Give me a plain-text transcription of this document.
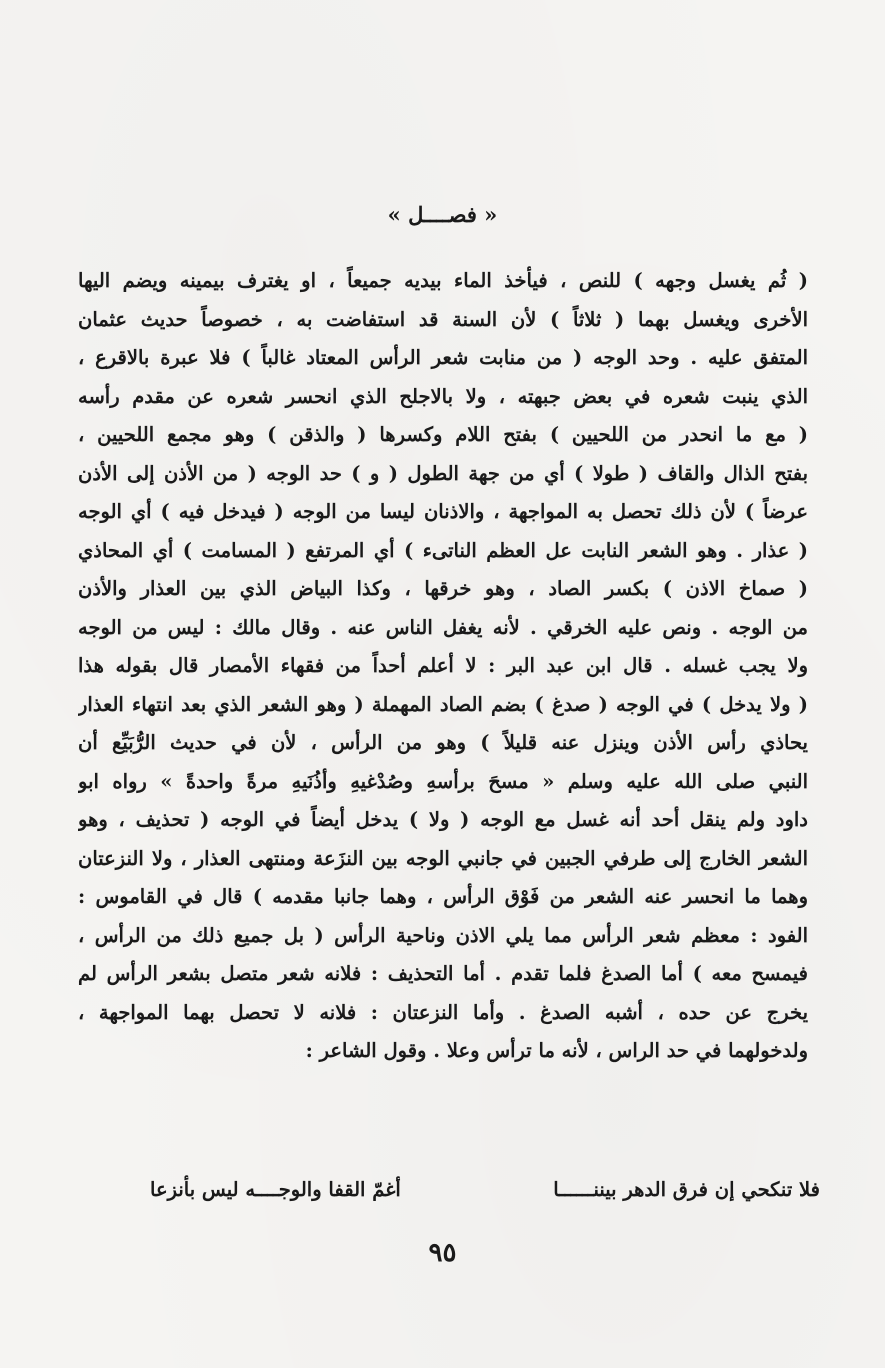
« فصــــل »
( ثُم يغسل وجهه ) للنص ، فيأخذ الماء بيديه جميعاً ، او يغترف بيمينه ويضم اليها
الأخرى ويغسل بهما ( ثلاثاً ) لأن السنة قد استفاضت به ، خصوصاً حديث عثمان
المتفق عليه . وحد الوجه ( من منابت شعر الرأس المعتاد غالباً ) فلا عبرة بالاقرع ،
الذي ينبت شعره في بعض جبهته ، ولا بالاجلح الذي انحسر شعره عن مقدم رأسه
( مع ما انحدر من اللحيين ) بفتح اللام وكسرها ( والذقن ) وهو مجمع اللحيين ،
بفتح الذال والقاف ( طولا ) أي من جهة الطول ( و ) حد الوجه ( من الأذن إلى الأذن
عرضاً ) لأن ذلك تحصل به المواجهة ، والاذنان ليسا من الوجه ( فيدخل فيه ) أي الوجه
( عذار . وهو الشعر النابت عل العظم الناتىء ) أي المرتفع ( المسامت ) أي المحاذي
( صماخ الاذن ) بكسر الصاد ، وهو خرقها ، وكذا البياض الذي بين العذار والأذن
من الوجه . ونص عليه الخرقي . لأنه يغفل الناس عنه . وقال مالك : ليس من الوجه
ولا يجب غسله . قال ابن عبد البر : لا أعلم أحداً من فقهاء الأمصار قال بقوله هذا
( ولا يدخل ) في الوجه ( صدغ ) بضم الصاد المهملة ( وهو الشعر الذي بعد انتهاء العذار
يحاذي رأس الأذن وينزل عنه قليلاً ) وهو من الرأس ، لأن في حديث الرُّبَيِّع أن
النبي صلى الله عليه وسلم « مسحَ برأسهِ وصُدْغيهِ وأذُنَيهِ مرةً واحدةً » رواه ابو
داود ولم ينقل أحد أنه غسل مع الوجه ( ولا ) يدخل أيضاً في الوجه ( تحذيف ، وهو
الشعر الخارج إلى طرفي الجبين في جانبي الوجه بين النزَعة ومنتهى العذار ، ولا النزعتان
وهما ما انحسر عنه الشعر من فَوْق الرأس ، وهما جانبا مقدمه ) قال في القاموس :
الفود : معظم شعر الرأس مما يلي الاذن وناحية الرأس ( بل جميع ذلك من الرأس ،
فيمسح معه ) أما الصدغ فلما تقدم . أما التحذيف : فلانه شعر متصل بشعر الرأس لم
يخرج عن حده ، أشبه الصدغ . وأما النزعتان : فلانه لا تحصل بهما المواجهة ،
ولدخولهما في حد الراس ، لأنه ما ترأس وعلا . وقول الشاعر :
فلا تنكحي إن فرق الدهر بيننــــــا
أغمّ القفا والوجــــه ليس بأنزعا
٩٥
